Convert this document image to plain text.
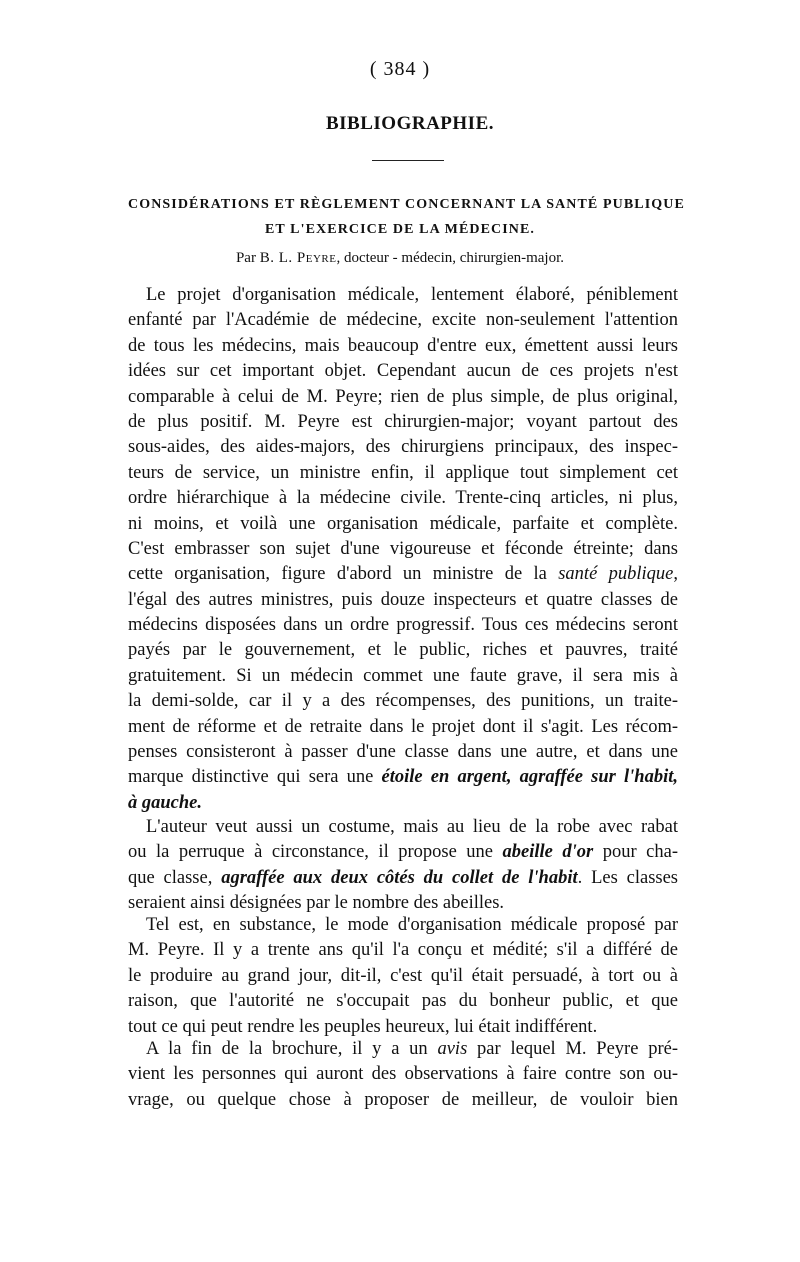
( 384 )
BIBLIOGRAPHIE.
CONSIDÉRATIONS ET RÈGLEMENT CONCERNANT LA SANTÉ PUBLIQUE
ET L'EXERCICE DE LA MÉDECINE.
Par B. L. Peyre, docteur - médecin, chirurgien-major.
Le projet d'organisation médicale, lentement élaboré, péniblement
enfanté par l'Académie de médecine, excite non-seulement l'attention
de tous les médecins, mais beaucoup d'entre eux, émettent aussi leurs
idées sur cet important objet. Cependant aucun de ces projets n'est
comparable à celui de M. Peyre; rien de plus simple, de plus original,
de plus positif. M. Peyre est chirurgien-major; voyant partout des
sous-aides, des aides-majors, des chirurgiens principaux, des inspec-
teurs de service, un ministre enfin, il applique tout simplement cet
ordre hiérarchique à la médecine civile. Trente-cinq articles, ni plus,
ni moins, et voilà une organisation médicale, parfaite et complète.
C'est embrasser son sujet d'une vigoureuse et féconde étreinte; dans
cette organisation, figure d'abord un ministre de la santé publique,
l'égal des autres ministres, puis douze inspecteurs et quatre classes de
médecins disposées dans un ordre progressif. Tous ces médecins seront
payés par le gouvernement, et le public, riches et pauvres, traité
gratuitement. Si un médecin commet une faute grave, il sera mis à
la demi-solde, car il y a des récompenses, des punitions, un traite-
ment de réforme et de retraite dans le projet dont il s'agit. Les récom-
penses consisteront à passer d'une classe dans une autre, et dans une
marque distinctive qui sera une étoile en argent, agraffée sur l'habit,
à gauche.
L'auteur veut aussi un costume, mais au lieu de la robe avec rabat
ou la perruque à circonstance, il propose une abeille d'or pour cha-
que classe, agraffée aux deux côtés du collet de l'habit. Les classes
seraient ainsi désignées par le nombre des abeilles.
Tel est, en substance, le mode d'organisation médicale proposé par
M. Peyre. Il y a trente ans qu'il l'a conçu et médité; s'il a différé de
le produire au grand jour, dit-il, c'est qu'il était persuadé, à tort ou à
raison, que l'autorité ne s'occupait pas du bonheur public, et que
tout ce qui peut rendre les peuples heureux, lui était indifférent.
A la fin de la brochure, il y a un avis par lequel M. Peyre pré-
vient les personnes qui auront des observations à faire contre son ou-
vrage, ou quelque chose à proposer de meilleur, de vouloir bien
